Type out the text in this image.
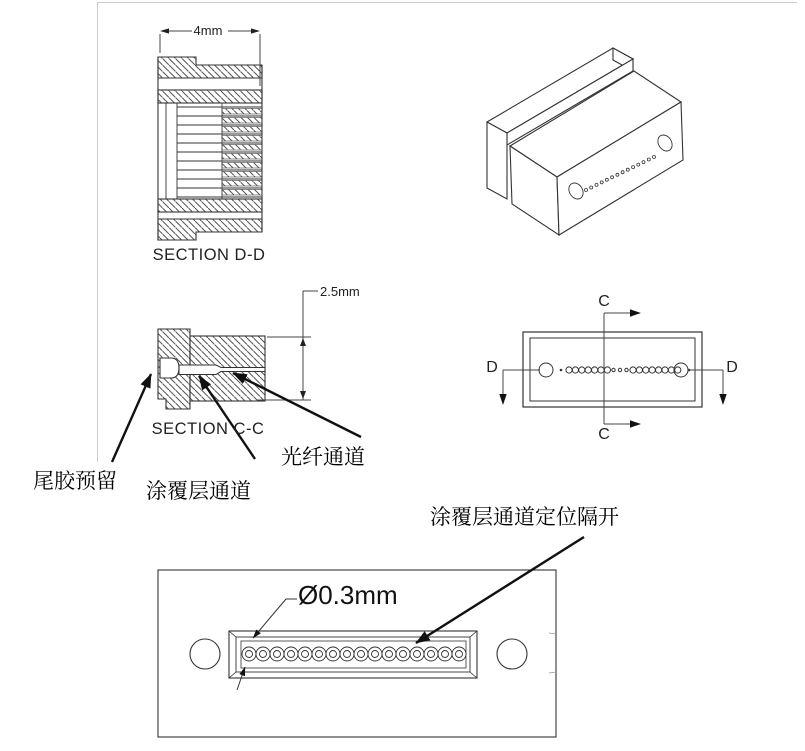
4mm
SECTION D-D
2.5mm
SECTION C-C
C
C
D	D
尾胶预留 涂覆层通道
光纤通道
涂覆层通道定位隔开
Ø0.3mm
